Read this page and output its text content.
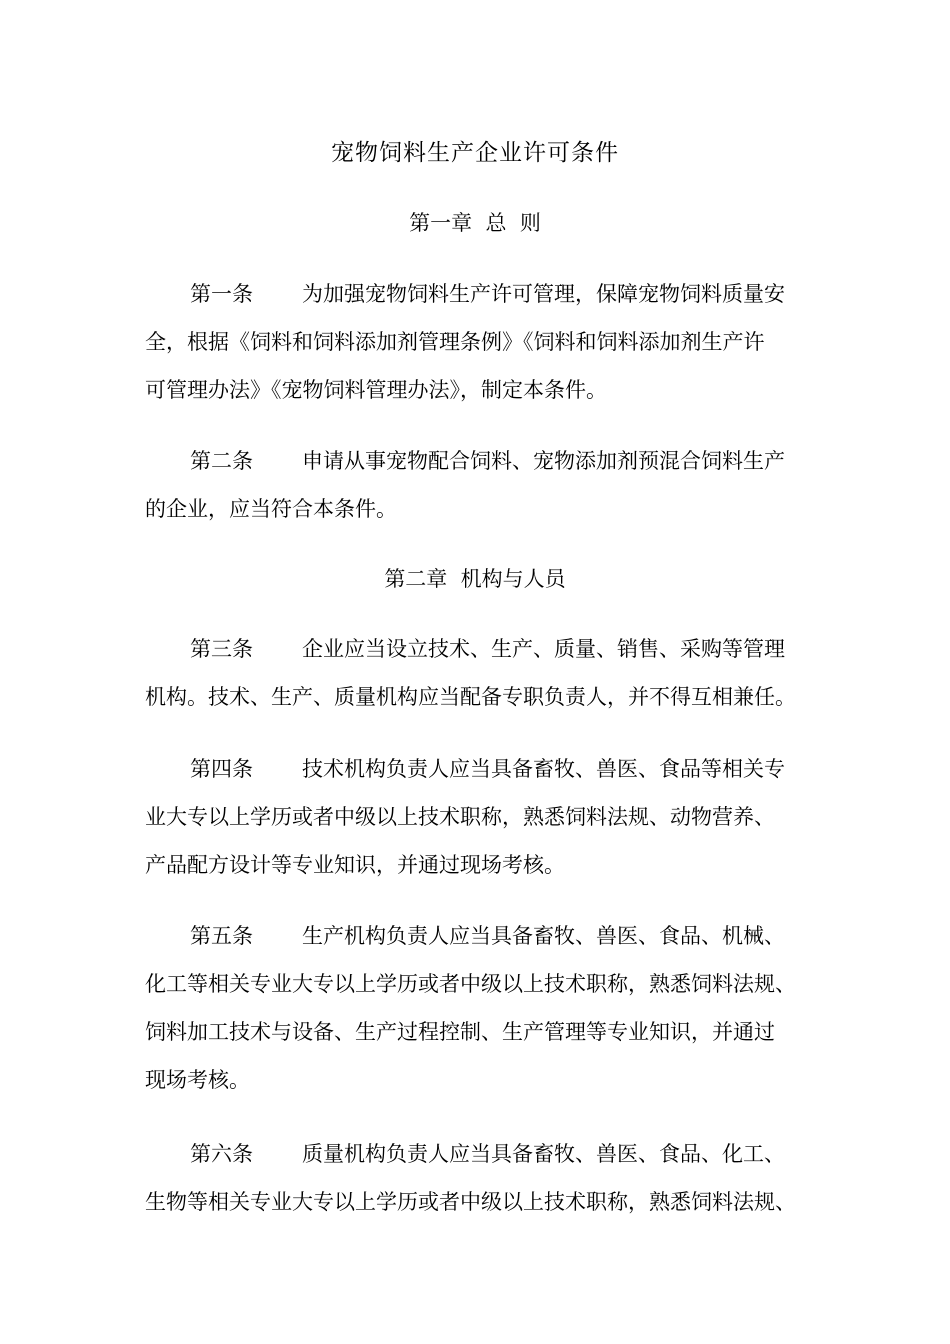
宠物饲料生产企业许可条件
第一章  总  则
第一条 为加强宠物饲料生产许可管理，保障宠物饲料质量安
全，根据《饲料和饲料添加剂管理条例》《饲料和饲料添加剂生产许
可管理办法》《宠物饲料管理办法》，制定本条件。
第二条 申请从事宠物配合饲料、宠物添加剂预混合饲料生产
的企业，应当符合本条件。
第二章  机构与人员
第三条 企业应当设立技术、生产、质量、销售、采购等管理
机构。技术、生产、质量机构应当配备专职负责人，并不得互相兼任。
第四条 技术机构负责人应当具备畜牧、兽医、食品等相关专
业大专以上学历或者中级以上技术职称，熟悉饲料法规、动物营养、
产品配方设计等专业知识，并通过现场考核。
第五条 生产机构负责人应当具备畜牧、兽医、食品、机械、
化工等相关专业大专以上学历或者中级以上技术职称，熟悉饲料法规、
饲料加工技术与设备、生产过程控制、生产管理等专业知识，并通过
现场考核。
第六条 质量机构负责人应当具备畜牧、兽医、食品、化工、
生物等相关专业大专以上学历或者中级以上技术职称，熟悉饲料法规、
